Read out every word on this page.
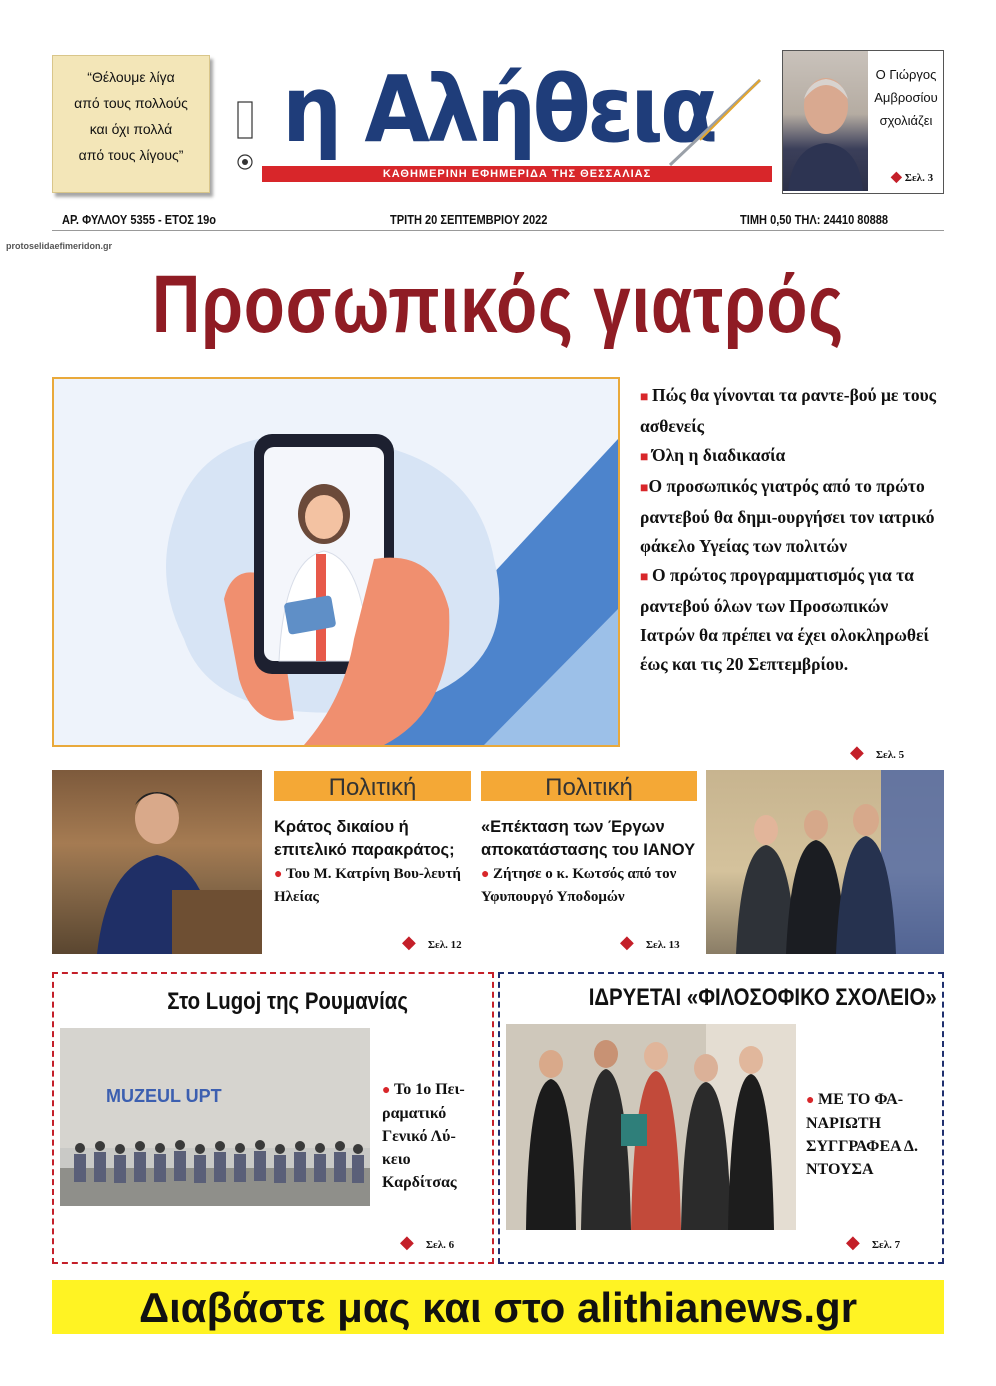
“Θέλουμε λίγα
από τους πολλούς
και όχι πολλά
από τους λίγους” η Αλήθεια
ΚΑΘΗΜΕΡΙΝΗ ΕΦΗΜΕΡΙΔΑ ΤΗΣ ΘΕΣΣΑΛΙΑΣ
Ο Γιώργος
Αμβροσίου
σχολιάζει
◆ Σελ. 3
ΑΡ. ΦΥΛΛΟΥ 5355 - ΕΤΟΣ 19ο	ΤΡΙΤΗ 20 ΣΕΠΤΕΜΒΡΙΟΥ 2022	ΤΙΜΗ 0,50 ΤΗΛ: 24410 80888
protoselidaefimeridon.gr
Προσωπικός γιατρός

■ Πώς θα γίνονται τα ραντε-βού με τους ασθενείς

■ Όλη η διαδικασία

■Ο προσωπικός γιατρός από το πρώτο ραντεβού θα δημι-ουργήσει τον ιατρικό φάκελο Υγείας των πολιτών

■ Ο πρώτος προγραμματισμός για τα ραντεβού όλων των Προσωπικών Ιατρών θα πρέπει να έχει ολοκληρωθεί έως και τις 20 Σεπτεμβρίου.

◆ Σελ. 5
Πολιτική
Κράτος δικαίου ή επιτελικό παρακράτος;
● Του Μ. Κατρίνη Βου-λευτή Ηλείας
◆ Σελ. 12
Πολιτική
«Επέκταση των Έργων αποκατάστασης του ΙΑΝΟΥ
● Ζήτησε ο κ. Κωτσός από τον Υφυπουργό Υποδομών
◆ Σελ. 13
Στο Lugoj της Ρουμανίας
MUZEUL UPT	● Το 1ο Πει-ραματικό Γενικό Λύ-κειο Καρδίτσας
◆ Σελ. 6
ΙΔΡΥΕΤΑΙ «ΦΙΛΟΣΟΦΙΚΟ ΣΧΟΛΕΙΟ»
● ΜΕ ΤΟ ΦΑ-ΝΑΡΙΩΤΗ ΣΥΓΓΡΑΦΕΑ Δ. ΝΤΟΥΣΑ
◆ Σελ. 7
Διαβάστε μας και στο alithianews.gr
